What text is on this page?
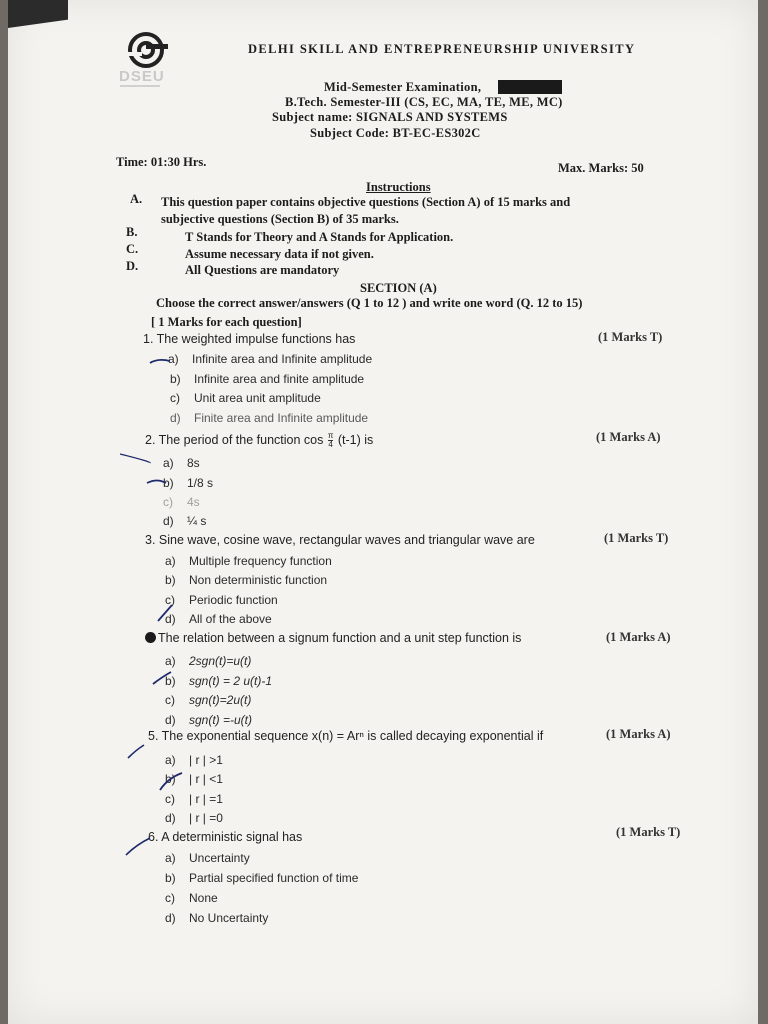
DSEU
DELHI SKILL AND ENTREPRENEURSHIP UNIVERSITY
Mid-Semester Examination,
B.Tech. Semester-III (CS, EC, MA, TE, ME, MC)
Subject name: SIGNALS AND SYSTEMS
Subject Code: BT-EC-ES302C
Time: 01:30 Hrs.	Max. Marks: 50
Instructions
A. This question paper contains objective questions (Section A) of 15 marks and
subjective questions (Section B) of 35 marks.
B.	T Stands for Theory and A Stands for Application.
C.	Assume necessary data if not given.
D.	All Questions are mandatory
SECTION (A)
Choose the correct answer/answers (Q 1 to 12 ) and write one word (Q. 12 to 15)
[ 1 Marks for each question]
1. The weighted impulse functions has	(1 Marks T)
a) Infinite area and Infinite amplitude
b) Infinite area and finite amplitude
c) Unit area unit amplitude
d) Finite area and Infinite amplitude
2. The period of the function $\cos \frac{\pi}{4} (t-1)$ is	(1 Marks A)
a) 8s
b) 1/8 s
c) 4s
d) ¼ s
3. Sine wave, cosine wave, rectangular waves and triangular wave are	(1 Marks T)
a) Multiple frequency function
b) Non deterministic function
c) Periodic function
d) All of the above
The relation between a signum function and a unit step function is	(1 Marks A)
a) 2sgn(t)=u(t)
b) sgn(t) = 2 u(t)-1
c) sgn(t)=2u(t)
d) sgn(t) =-u(t)
5. The exponential sequence x(n) = Arⁿ is called decaying exponential if	(1 Marks A)
a) | r | >1
b) | r | <1
c) | r | =1
d) | r | =0
6. A deterministic signal has	(1 Marks T)
a) Uncertainty
b) Partial specified function of time
c) None
d) No Uncertainty
